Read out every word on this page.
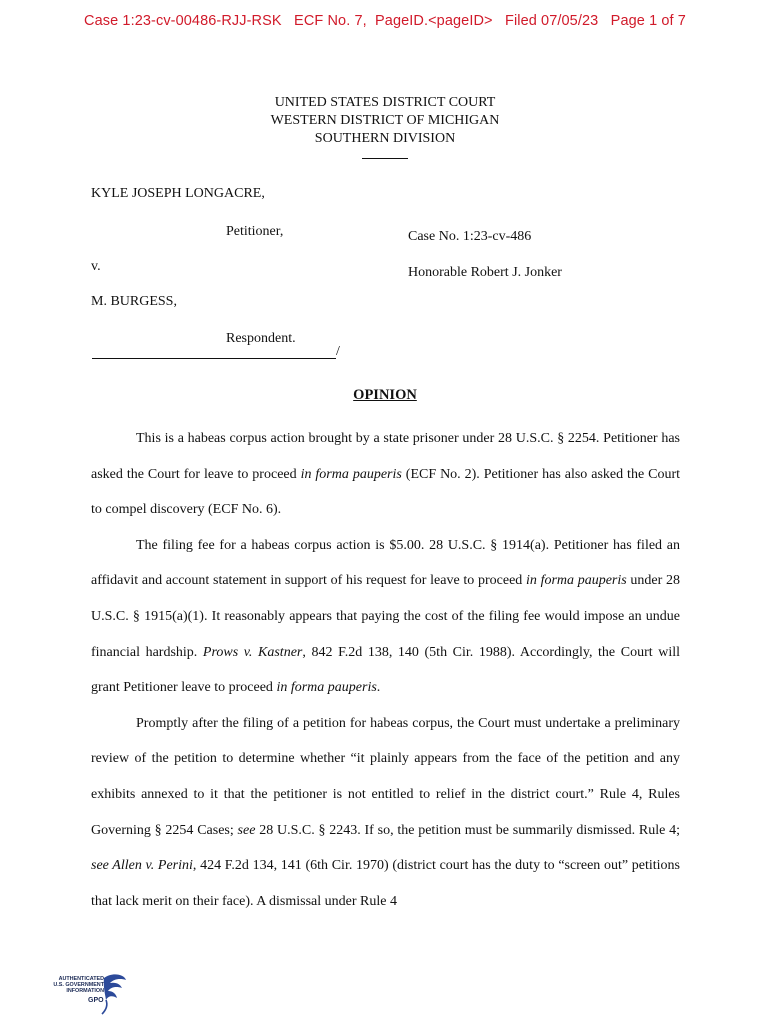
Case 1:23-cv-00486-RJJ-RSK   ECF No. 7,  PageID.<pageID>   Filed 07/05/23   Page 1 of 7
UNITED STATES DISTRICT COURT
WESTERN DISTRICT OF MICHIGAN
SOUTHERN DIVISION
KYLE JOSEPH LONGACRE,
Petitioner,	Case No. 1:23-cv-486
v.	Honorable Robert J. Jonker
M. BURGESS,
Respondent.
/
OPINION

This is a habeas corpus action brought by a state prisoner under 28 U.S.C. § 2254. Petitioner has asked the Court for leave to proceed in forma pauperis (ECF No. 2). Petitioner has also asked the Court to compel discovery (ECF No. 6).

The filing fee for a habeas corpus action is $5.00. 28 U.S.C. § 1914(a). Petitioner has filed an affidavit and account statement in support of his request for leave to proceed in forma pauperis under 28 U.S.C. § 1915(a)(1). It reasonably appears that paying the cost of the filing fee would impose an undue financial hardship. Prows v. Kastner, 842 F.2d 138, 140 (5th Cir. 1988). Accordingly, the Court will grant Petitioner leave to proceed in forma pauperis.

Promptly after the filing of a petition for habeas corpus, the Court must undertake a preliminary review of the petition to determine whether “it plainly appears from the face of the petition and any exhibits annexed to it that the petitioner is not entitled to relief in the district court.” Rule 4, Rules Governing § 2254 Cases; see 28 U.S.C. § 2243. If so, the petition must be summarily dismissed. Rule 4; see Allen v. Perini, 424 F.2d 134, 141 (6th Cir. 1970) (district court has the duty to “screen out” petitions that lack merit on their face). A dismissal under Rule 4

AUTHENTICATED
U.S. GOVERNMENT
INFORMATION
GPO
